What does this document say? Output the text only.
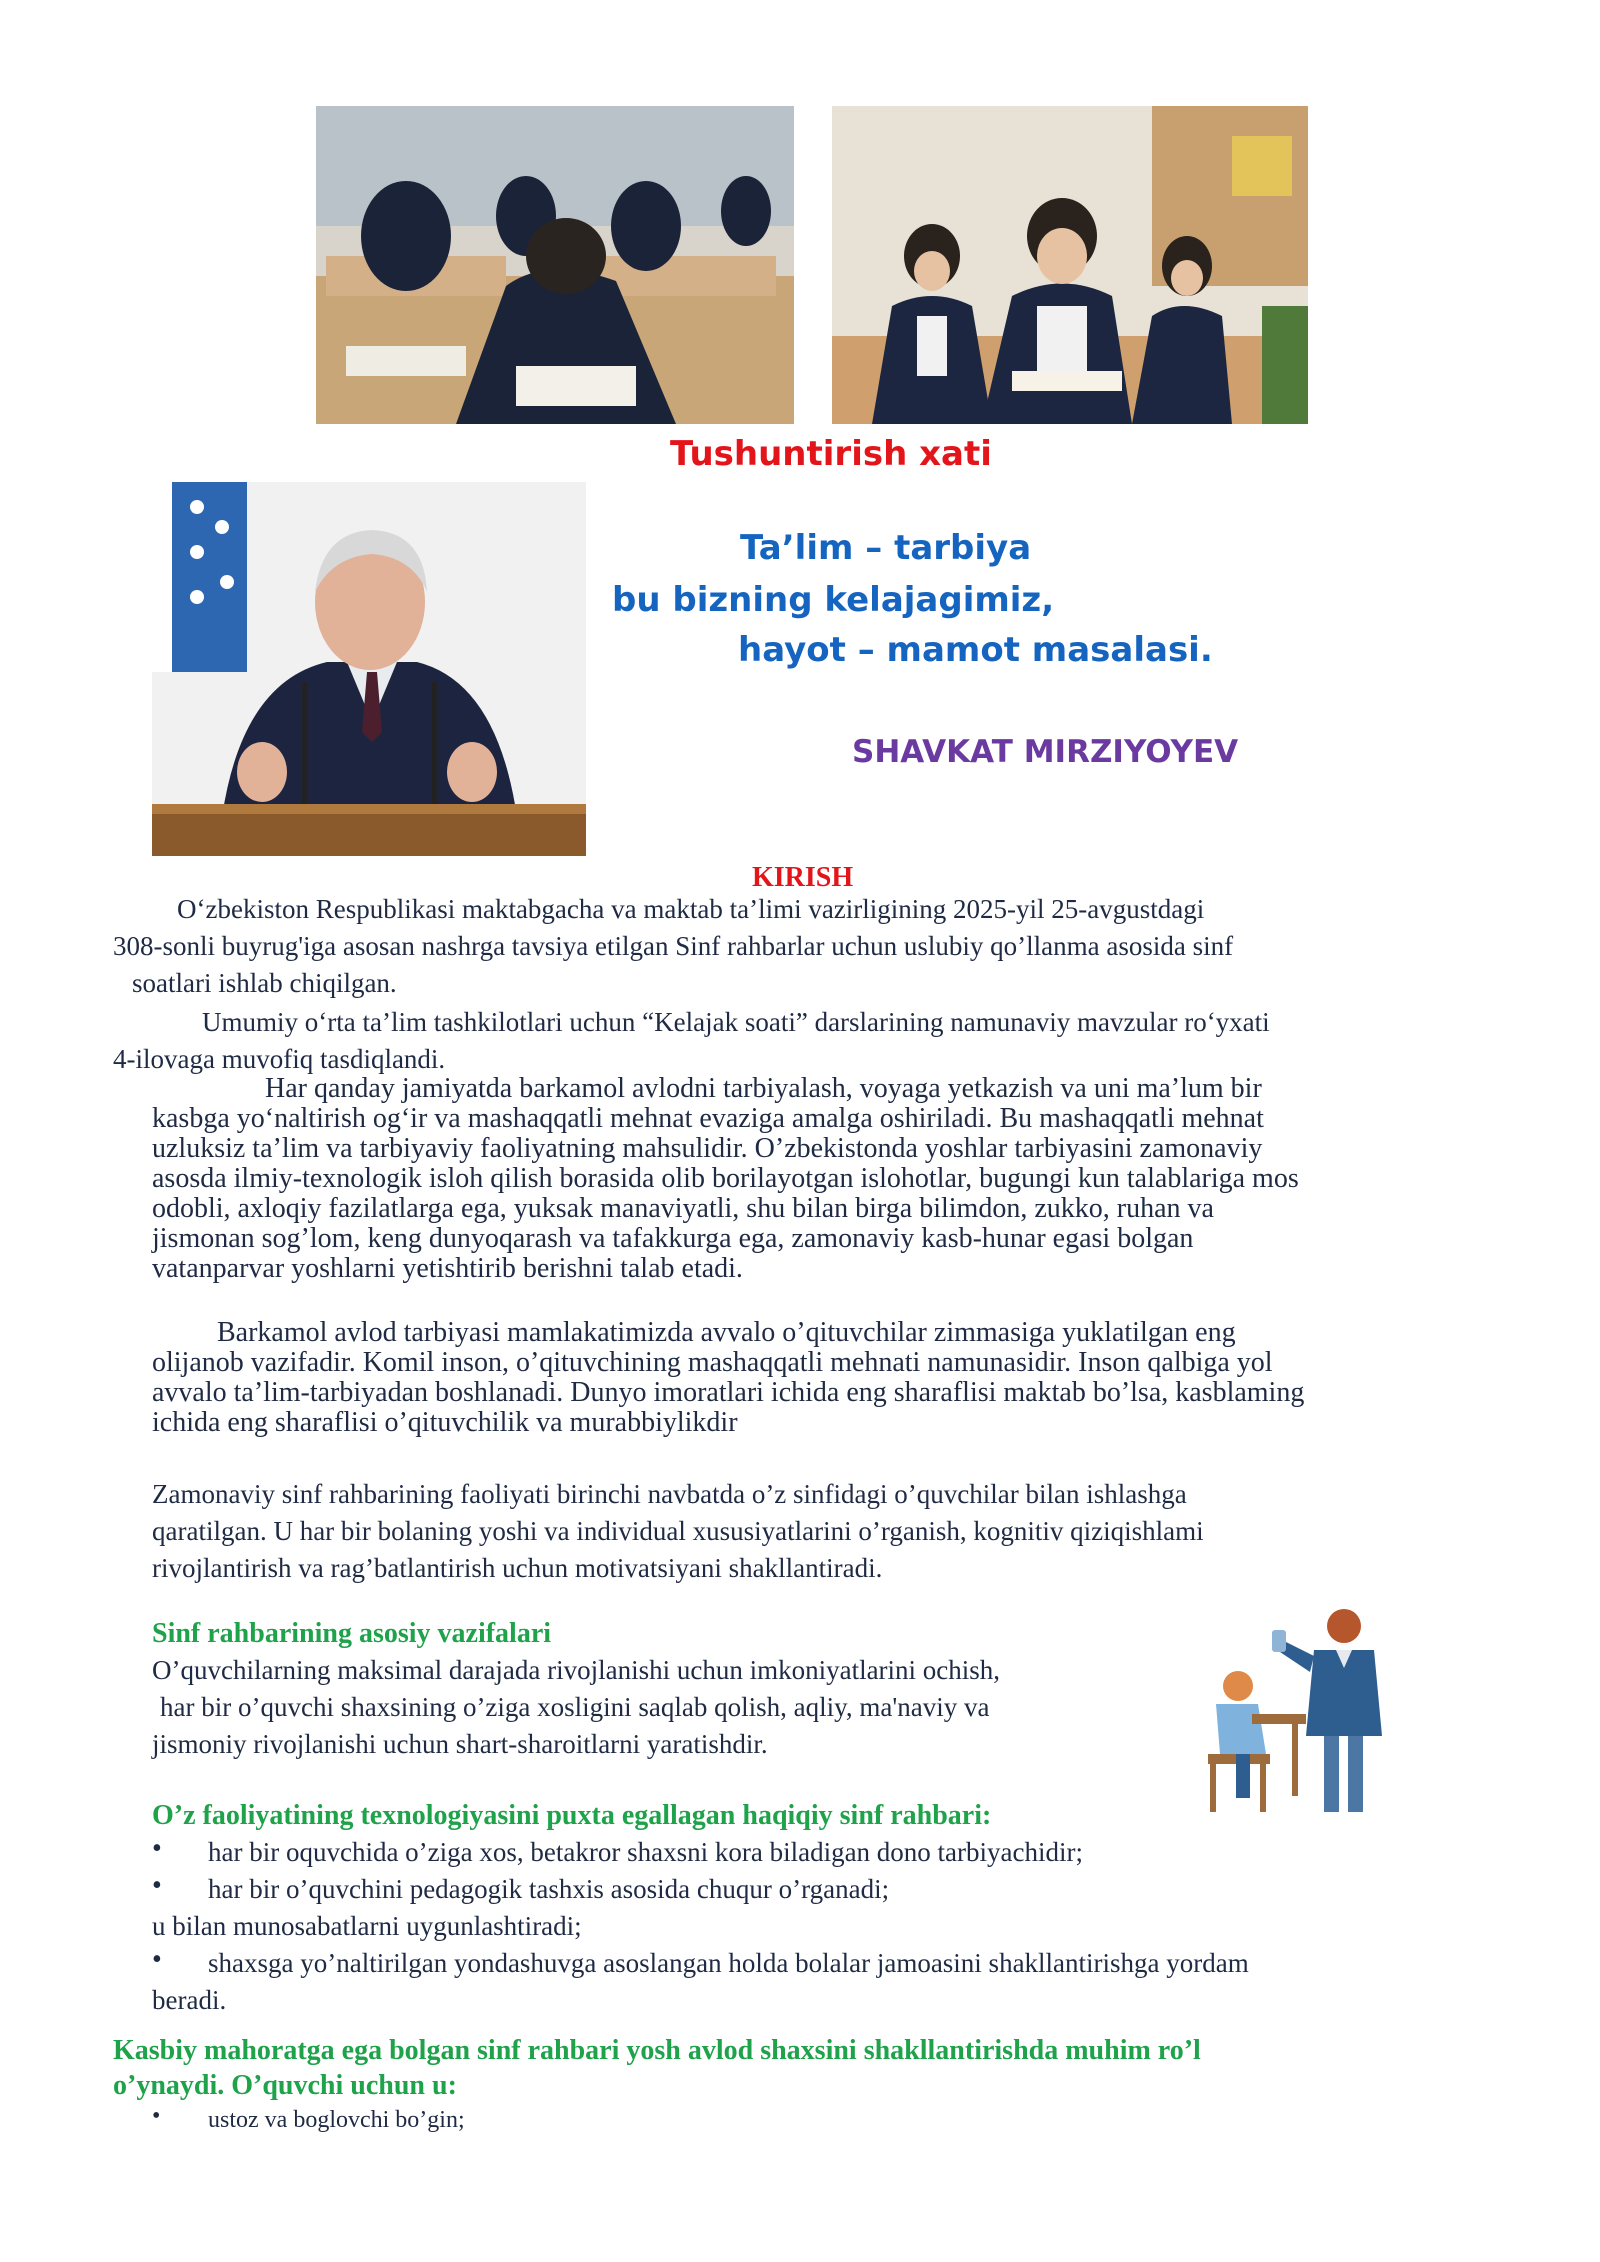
Tushuntirish xati
Ta’lim – tarbiya
bu bizning kelajagimiz,
hayot – mamot masalasi.
SHAVKAT MIRZIYOYEV
KIRISH
O‘zbekiston Respublikasi maktabgacha va maktab ta’limi vazirligining 2025-yil 25-avgustdagi
308-sonli buyrug'iga asosan nashrga tavsiya etilgan Sinf rahbarlar uchun uslubiy qo’llanma asosida sinf
soatlari ishlab chiqilgan.
Umumiy o‘rta ta’lim tashkilotlari uchun “Kelajak soati” darslarining namunaviy mavzular ro‘yxati
4-ilovaga muvofiq tasdiqlandi.
Har qanday jamiyatda barkamol avlodni tarbiyalash, voyaga yetkazish va uni ma’lum bir
kasbga yo‘naltirish og‘ir va mashaqqatli mehnat evaziga amalga oshiriladi. Bu mashaqqatli mehnat
uzluksiz ta’lim va tarbiyaviy faoliyatning mahsulidir. O’zbekistonda yoshlar tarbiyasini zamonaviy
asosda ilmiy-texnologik isloh qilish borasida olib borilayotgan islohotlar, bugungi kun talablariga mos
odobli, axloqiy fazilatlarga ega, yuksak manaviyatli, shu bilan birga bilimdon, zukko, ruhan va
jismonan sog’lom, keng dunyoqarash va tafakkurga ega, zamonaviy kasb-hunar egasi bolgan
vatanparvar yoshlarni yetishtirib berishni talab etadi.
Barkamol avlod tarbiyasi mamlakatimizda avvalo o’qituvchilar zimmasiga yuklatilgan eng
olijanob vazifadir. Komil inson, o’qituvchining mashaqqatli mehnati namunasidir. Inson qalbiga yol
avvalo ta’lim-tarbiyadan boshlanadi. Dunyo imoratlari ichida eng sharaflisi maktab bo’lsa, kasblaming
ichida eng sharaflisi o’qituvchilik va murabbiylikdir
Zamonaviy sinf rahbarining faoliyati birinchi navbatda o’z sinfidagi o’quvchilar bilan ishlashga
qaratilgan. U har bir bolaning yoshi va individual xususiyatlarini o’rganish, kognitiv qiziqishlami
rivojlantirish va rag’batlantirish uchun motivatsiyani shakllantiradi.
Sinf rahbarining asosiy vazifalari
O’quvchilarning maksimal darajada rivojlanishi uchun imkoniyatlarini ochish,
har bir o’quvchi shaxsining o’ziga xosligini saqlab qolish, aqliy, ma'naviy va
jismoniy rivojlanishi uchun shart-sharoitlarni yaratishdir.
O’z faoliyatining texnologiyasini puxta egallagan haqiqiy sinf rahbari:
• har bir oquvchida o’ziga xos, betakror shaxsni kora biladigan dono tarbiyachidir;
• har bir o’quvchini pedagogik tashxis asosida chuqur o’rganadi;
u bilan munosabatlarni uygunlashtiradi;
• shaxsga yo’naltirilgan yondashuvga asoslangan holda bolalar jamoasini shakllantirishga yordam
beradi.
Kasbiy mahoratga ega bolgan sinf rahbari yosh avlod shaxsini shakllantirishda muhim ro’l
o’ynaydi. O’quvchi uchun u:
• ustoz va boglovchi bo’gin;
